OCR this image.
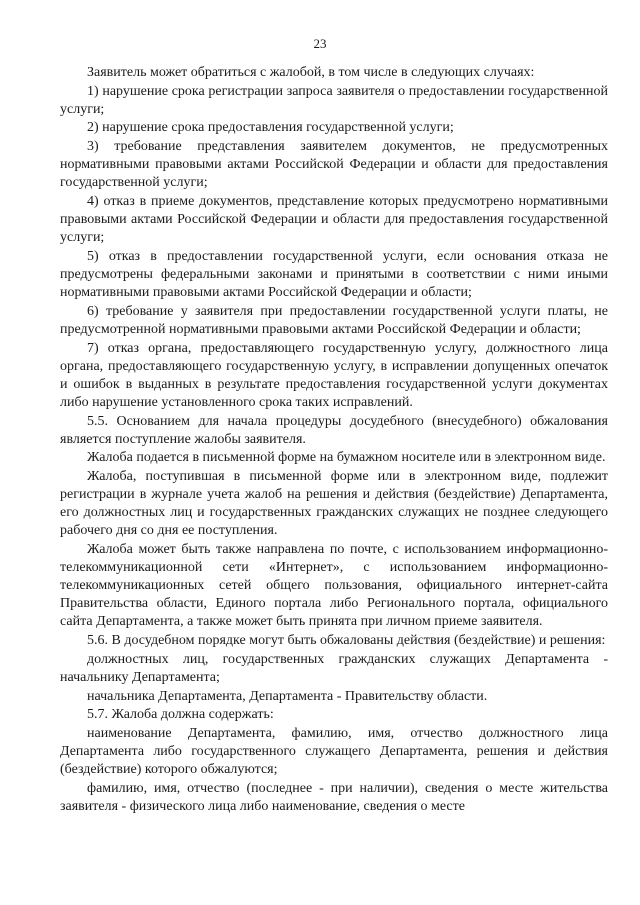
23

Заявитель может обратиться с жалобой, в том числе в следующих случаях:

1) нарушение срока регистрации запроса заявителя о предоставлении государственной услуги;

2) нарушение срока предоставления государственной услуги;

3) требование представления заявителем документов, не предусмотренных нормативными правовыми актами Российской Федерации и области для предоставления государственной услуги;

4) отказ в приеме документов, представление которых предусмотрено нормативными правовыми актами Российской Федерации и области для предоставления государственной услуги;

5) отказ в предоставлении государственной услуги, если основания отказа не предусмотрены федеральными законами и принятыми в соответствии с ними иными нормативными правовыми актами Российской Федерации и области;

6) требование у заявителя при предоставлении государственной услуги платы, не предусмотренной нормативными правовыми актами Российской Федерации и области;

7) отказ органа, предоставляющего государственную услугу, должностного лица органа, предоставляющего государственную услугу, в исправлении допущенных опечаток и ошибок в выданных в результате предоставления государственной услуги документах либо нарушение установленного срока таких исправлений.

5.5. Основанием для начала процедуры досудебного (внесудебного) обжалования является поступление жалобы заявителя.

Жалоба подается в письменной форме на бумажном носителе или в электронном виде.

Жалоба, поступившая в письменной форме или в электронном виде, подлежит регистрации в журнале учета жалоб на решения и действия (бездействие) Департамента, его должностных лиц и государственных гражданских служащих не позднее следующего рабочего дня со дня ее поступления.

Жалоба может быть также направлена по почте, с использованием информационно-телекоммуникационной сети «Интернет», с использованием информационно-телекоммуникационных сетей общего пользования, официального интернет-сайта Правительства области, Единого портала либо Регионального портала, официального сайта Департамента, а также может быть принята при личном приеме заявителя.

5.6. В досудебном порядке могут быть обжалованы действия (бездействие) и решения:

должностных лиц, государственных гражданских служащих Департамента - начальнику Департамента;

начальника Департамента, Департамента - Правительству области.

5.7. Жалоба должна содержать:

наименование Департамента, фамилию, имя, отчество должностного лица Департамента либо государственного служащего Департамента, решения и действия (бездействие) которого обжалуются;

фамилию, имя, отчество (последнее - при наличии), сведения о месте жительства заявителя - физического лица либо наименование, сведения о месте
